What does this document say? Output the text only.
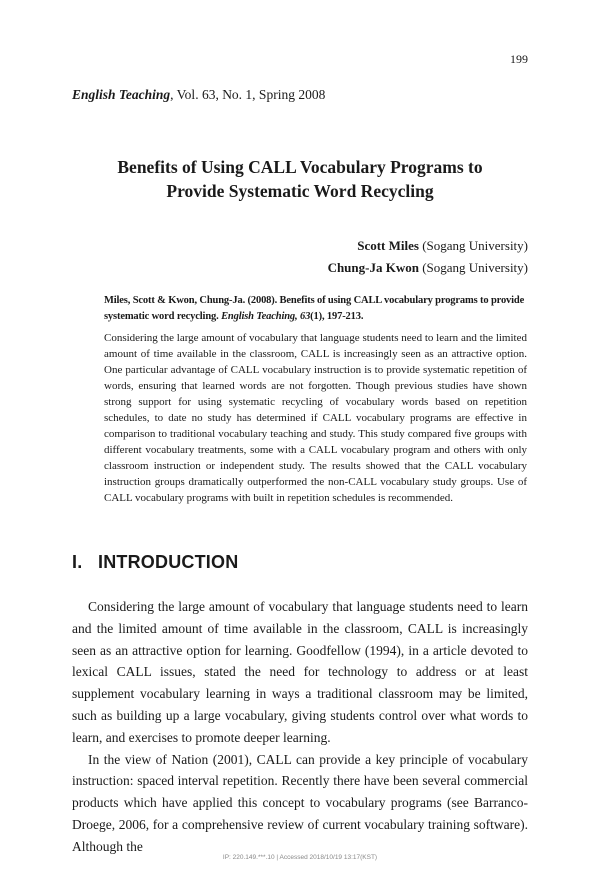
199
English Teaching, Vol. 63, No. 1, Spring 2008
Benefits of Using CALL Vocabulary Programs to
Provide Systematic Word Recycling
Scott Miles (Sogang University)
Chung-Ja Kwon (Sogang University)
Miles, Scott & Kwon, Chung-Ja. (2008). Benefits of using CALL vocabulary programs to provide systematic word recycling. English Teaching, 63(1), 197-213.

Considering the large amount of vocabulary that language students need to learn and the limited amount of time available in the classroom, CALL is increasingly seen as an attractive option. One particular advantage of CALL vocabulary instruction is to provide systematic repetition of words, ensuring that learned words are not forgotten. Though previous studies have shown strong support for using systematic recycling of vocabulary words based on repetition schedules, to date no study has determined if CALL vocabulary programs are effective in comparison to traditional vocabulary teaching and study. This study compared five groups with different vocabulary treatments, some with a CALL vocabulary program and others with only classroom instruction or independent study. The results showed that the CALL vocabulary instruction groups dramatically outperformed the non-CALL vocabulary study groups. Use of CALL vocabulary programs with built in repetition schedules is recommended.

I. INTRODUCTION

Considering the large amount of vocabulary that language students need to learn and the limited amount of time available in the classroom, CALL is increasingly seen as an attractive option for learning. Goodfellow (1994), in a article devoted to lexical CALL issues, stated the need for technology to address or at least supplement vocabulary learning in ways a traditional classroom may be limited, such as building up a large vocabulary, giving students control over what words to learn, and exercises to promote deeper learning.

In the view of Nation (2001), CALL can provide a key principle of vocabulary instruction: spaced interval repetition. Recently there have been several commercial products which have applied this concept to vocabulary programs (see Barranco-Droege, 2006, for a comprehensive review of current vocabulary training software). Although the

IP: 220.149.***.10 | Accessed 2018/10/19 13:17(KST)
